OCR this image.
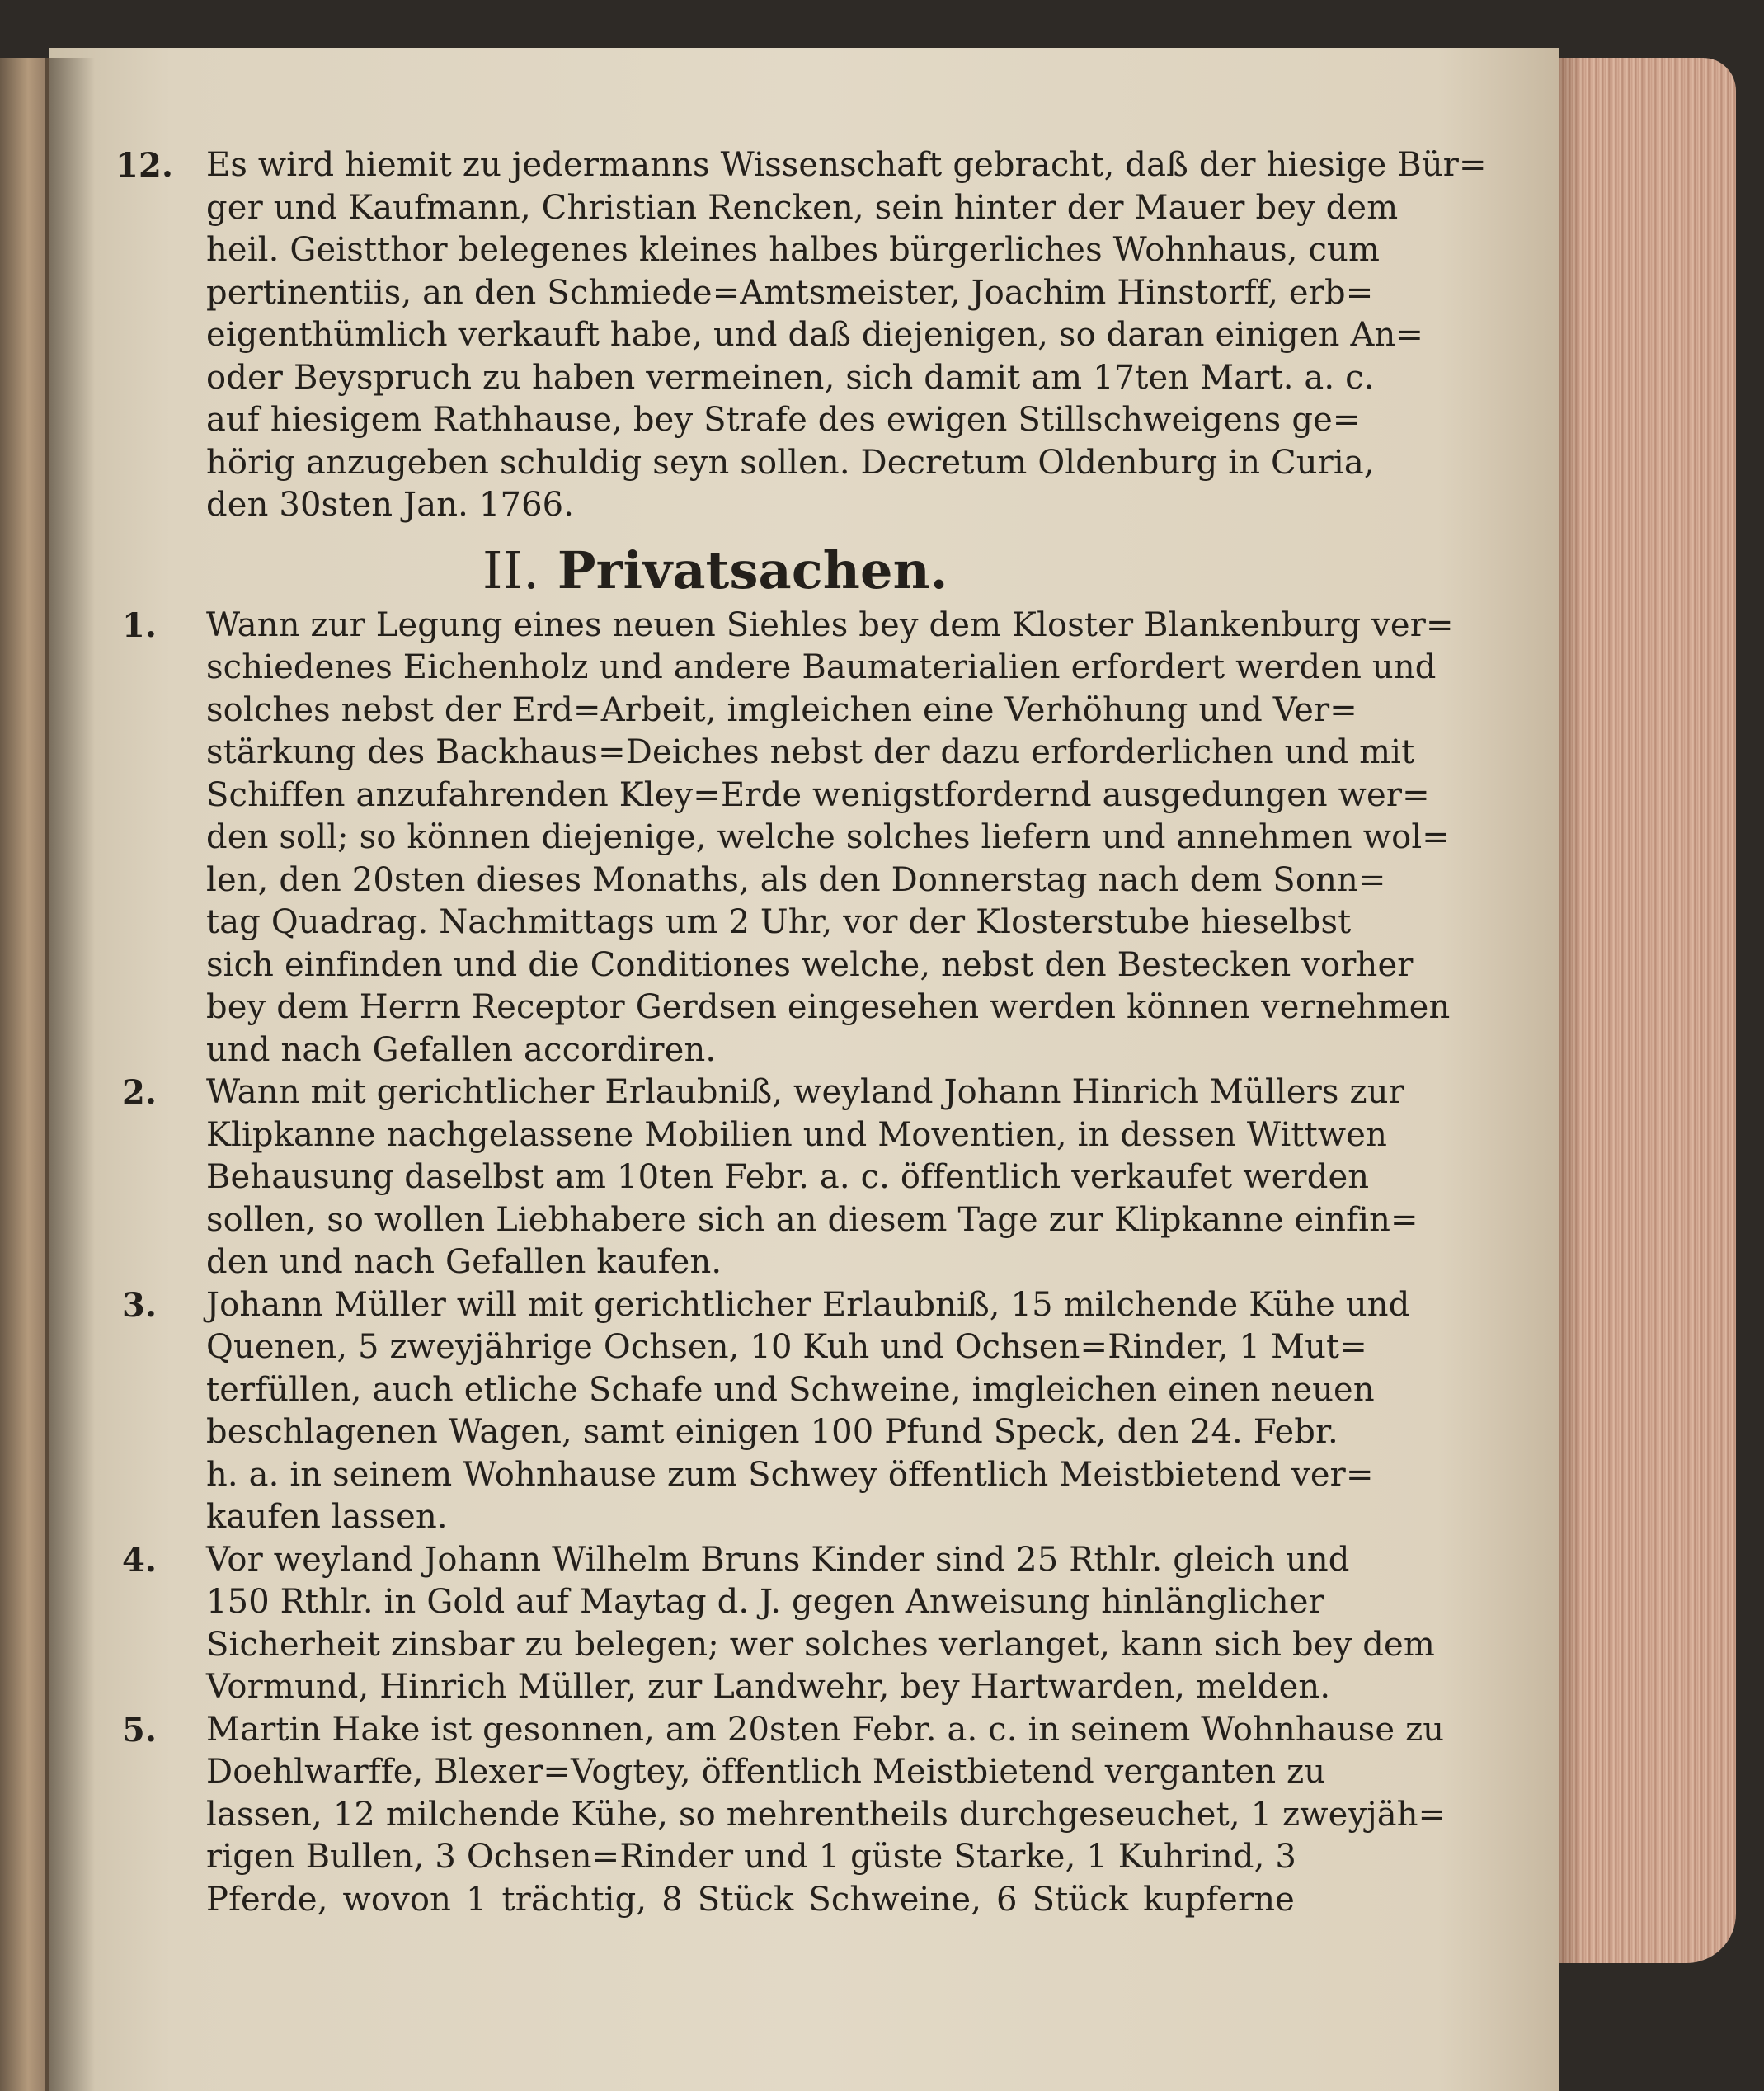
12. Es wird hiemit zu jedermanns Wissenschaft gebracht, daß der hiesige Bür=
ger und Kaufmann, Christian Rencken, sein hinter der Mauer bey dem
heil. Geistthor belegenes kleines halbes bürgerliches Wohnhaus, cum
pertinentiis, an den Schmiede=Amtsmeister, Joachim Hinstorff, erb=
eigenthümlich verkauft habe, und daß diejenigen, so daran einigen An=
oder Beyspruch zu haben vermeinen, sich damit am 17ten Mart. a. c.
auf hiesigem Rathhause, bey Strafe des ewigen Stillschweigens ge=
hörig anzugeben schuldig seyn sollen. Decretum Oldenburg in Curia,
den 30sten Jan. 1766.
II. Privatsachen.
1.	Wann zur Legung eines neuen Siehles bey dem Kloster Blankenburg ver=
schiedenes Eichenholz und andere Baumaterialien erfordert werden und
solches nebst der Erd=Arbeit, imgleichen eine Verhöhung und Ver=
stärkung des Backhaus=Deiches nebst der dazu erforderlichen und mit
Schiffen anzufahrenden Kley=Erde wenigstfordernd ausgedungen wer=
den soll; so können diejenige, welche solches liefern und annehmen wol=
len, den 20sten dieses Monaths, als den Donnerstag nach dem Sonn=
tag Quadrag. Nachmittags um 2 Uhr, vor der Klosterstube hieselbst
sich einfinden und die Conditiones welche, nebst den Bestecken vorher
bey dem Herrn Receptor Gerdsen eingesehen werden können vernehmen
und nach Gefallen accordiren.
2.	Wann mit gerichtlicher Erlaubniß, weyland Johann Hinrich Müllers zur
Klipkanne nachgelassene Mobilien und Moventien, in dessen Wittwen
Behausung daselbst am 10ten Febr. a. c. öffentlich verkaufet werden
sollen, so wollen Liebhabere sich an diesem Tage zur Klipkanne einfin=
den und nach Gefallen kaufen.
3.	Johann Müller will mit gerichtlicher Erlaubniß, 15 milchende Kühe und
Quenen, 5 zweyjährige Ochsen, 10 Kuh und Ochsen=Rinder, 1 Mut=
terfüllen, auch etliche Schafe und Schweine, imgleichen einen neuen
beschlagenen Wagen, samt einigen 100 Pfund Speck, den 24. Febr.
h. a. in seinem Wohnhause zum Schwey öffentlich Meistbietend ver=
kaufen lassen.
4.	Vor weyland Johann Wilhelm Bruns Kinder sind 25 Rthlr. gleich und
150 Rthlr. in Gold auf Maytag d. J. gegen Anweisung hinlänglicher
Sicherheit zinsbar zu belegen; wer solches verlanget, kann sich bey dem
Vormund, Hinrich Müller, zur Landwehr, bey Hartwarden, melden.
5.	Martin Hake ist gesonnen, am 20sten Febr. a. c. in seinem Wohnhause zu
Doehlwarffe, Blexer=Vogtey, öffentlich Meistbietend verganten zu
lassen, 12 milchende Kühe, so mehrentheils durchgeseuchet, 1 zweyjäh=
rigen Bullen, 3 Ochsen=Rinder und 1 güste Starke, 1 Kuhrind, 3
Pferde, wovon 1 trächtig, 8 Stück Schweine, 6 Stück kupferne
